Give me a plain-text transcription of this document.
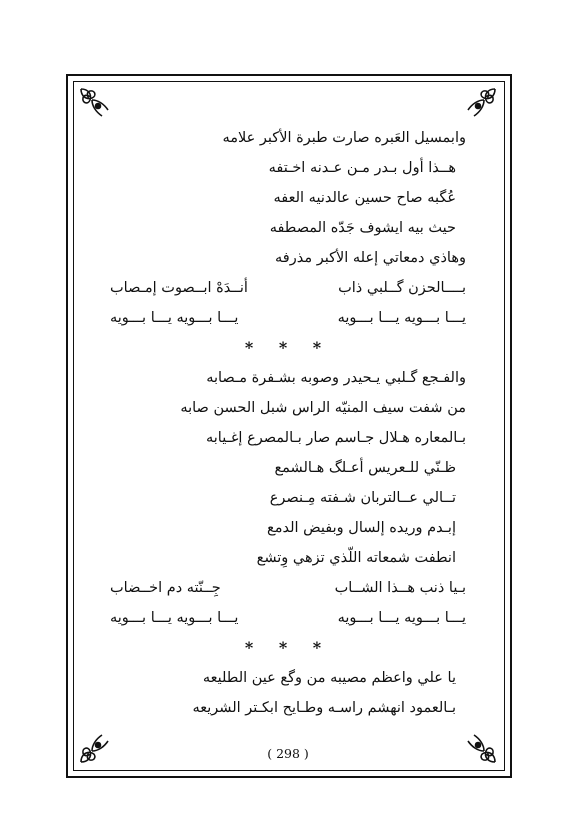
وابمسيل العَبره صارت طبرة الأكبر علامه
هــذا أول بـدر مـن عـدنه اخـتفه
عُگبه صاح حسين عالدنيه العفه
حيث بيه ايشوف جَدّه المصطفه
وهاذي دمعاتي إعله الأكبر مذرفه
بــــالحزن گــلبي ذاب
أنــدَهْ ابــصوت إمـصاب
يـــا بـــويه يـــا بـــويه
يـــا بـــويه يـــا بـــويه
* * *
والفـجع گـلبي يـحيدر وصوبه بشـفرة مـصابه
من شفت سيف المنيّه الراس شبل الحسن صابه
بـالمعاره هـلال جـاسم صار بـالمصرع إغـيابه
ظـنّي للـعريس أعـلگ هـالشمع
تــالي عــالتربان شـفته مِـنصرع
إبـدم وريده إلسال وبفيض الدمع
انطفت شمعاته اللّذي تزهي وِتشع
بـيا ذنب هــذا الشــاب
جِــنّته دم اخــضاب
يـــا بـــويه يـــا بـــويه
يـــا بـــويه يـــا بـــويه
* * *
يا علي واعظم مصيبه من وگع عين الطليعه
بـالعمود انهشم راسـه وطـايح ابكـتر الشريعه
( 298 )
